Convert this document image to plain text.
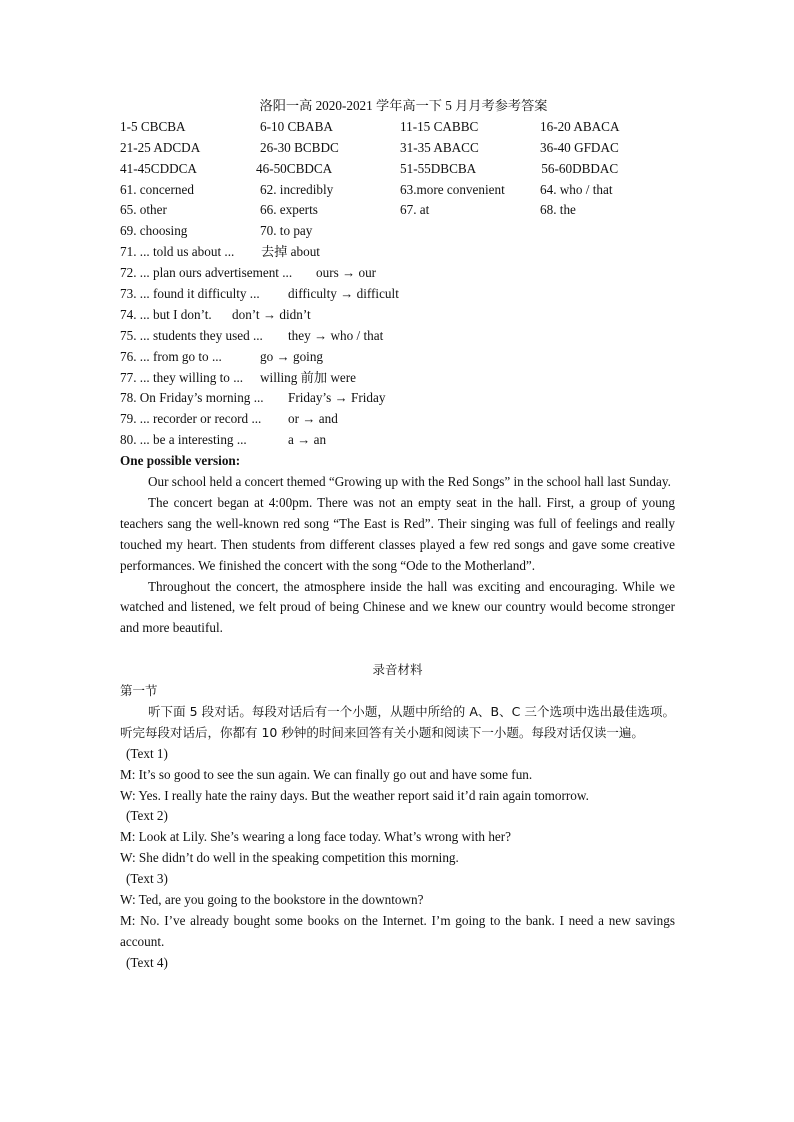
洛阳一高 2020-2021 学年高一下 5 月月考参考答案
1-5 CBCBA	6-10 CBABA	11-15 CABBC	16-20 ABACA
21-25 ADCDA	26-30 BCBDC	31-35 ABACC	36-40 GFDAC
41-45CDDCA	46-50CBDCA	51-55DBCBA	56-60DBDAC
61. concerned	62. incredibly	63.more convenient	64. who / that
65. other	66. experts	67. at	68. the
69. choosing	70. to pay
71. ... told us about ... 去掉 about
72. ... plan ours advertisement ... ours → our
73. ... found it difficulty ... difficulty → difficult
74. ... but I don’t. don’t → didn’t
75. ... students they used ... they → who / that
76. ... from go to ...	go → going
77. ... they willing to ... willing 前加 were
78. On Friday’s morning ... Friday’s → Friday
79. ... recorder or record ... or → and
80. ... be a interesting ...	a → an
One possible version:

Our school held a concert themed “Growing up with the Red Songs” in the school hall last Sunday.

The concert began at 4:00pm. There was not an empty seat in the hall. First, a group of young teachers sang the well-known red song “The East is Red”. Their singing was full of feelings and really touched my heart. Then students from different classes played a few red songs and gave some creative performances. We finished the concert with the song “Ode to the Motherland”.

Throughout the concert, the atmosphere inside the hall was exciting and encouraging. While we watched and listened, we felt proud of being Chinese and we knew our country would become stronger and more beautiful.

录音材料
第一节

听下面 5 段对话。每段对话后有一个小题，从题中所给的 A、B、C 三个选项中选出最佳选项。听完每段对话后，你都有 10 秒钟的时间来回答有关小题和阅读下一小题。每段对话仅读一遍。

(Text 1)

M: It’s so good to see the sun again. We can finally go out and have some fun.

W: Yes. I really hate the rainy days. But the weather report said it’d rain again tomorrow.

(Text 2)

M: Look at Lily. She’s wearing a long face today. What’s wrong with her?

W: She didn’t do well in the speaking competition this morning.

(Text 3)

W: Ted, are you going to the bookstore in the downtown?

M: No. I’ve already bought some books on the Internet. I’m going to the bank. I need a new savings account.

(Text 4)
